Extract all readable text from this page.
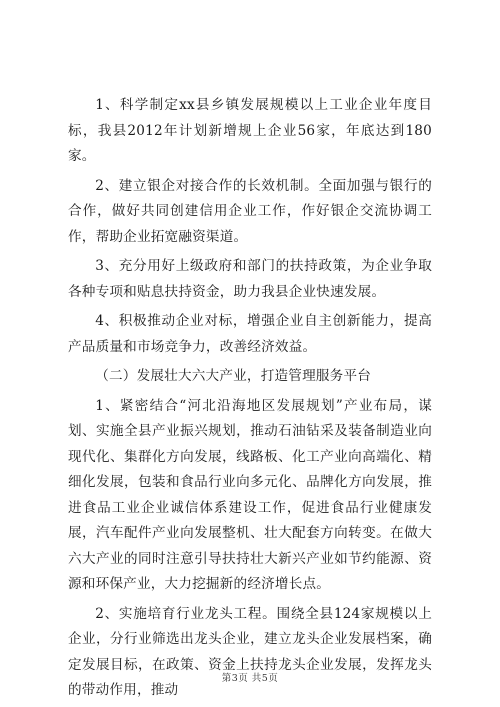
1、科学制定xx县乡镇发展规模以上工业企业年度目标，我县2012年计划新增规上企业56家，年底达到180家。

2、建立银企对接合作的长效机制。全面加强与银行的合作，做好共同创建信用企业工作，作好银企交流协调工作，帮助企业拓宽融资渠道。

3、充分用好上级政府和部门的扶持政策，为企业争取各种专项和贴息扶持资金，助力我县企业快速发展。

4、积极推动企业对标，增强企业自主创新能力，提高产品质量和市场竞争力，改善经济效益。

（二）发展壮大六大产业，打造管理服务平台

1、紧密结合“河北沿海地区发展规划”产业布局，谋划、实施全县产业振兴规划，推动石油钻采及装备制造业向现代化、集群化方向发展，线路板、化工产业向高端化、精细化发展，包装和食品行业向多元化、品牌化方向发展，推进食品工业企业诚信体系建设工作，促进食品行业健康发展，汽车配件产业向发展整机、壮大配套方向转变。在做大六大产业的同时注意引导扶持壮大新兴产业如节约能源、资源和环保产业，大力挖掘新的经济增长点。

2、实施培育行业龙头工程。围绕全县124家规模以上企业，分行业筛选出龙头企业，建立龙头企业发展档案，确定发展目标，在政策、资金上扶持龙头企业发展，发挥龙头的带动作用，推动

第3页 共5页
